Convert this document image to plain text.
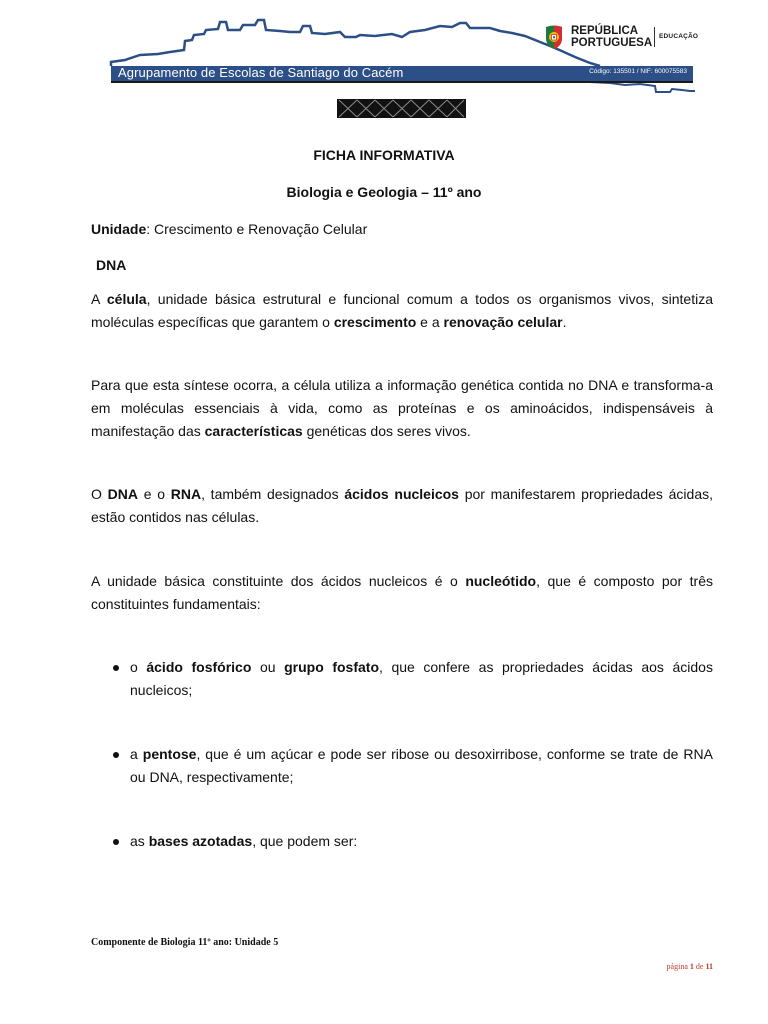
Agrupamento de Escolas de Santiago do Cacém	Código: 135501 / NIF: 600075583
REPÚBLICA
PORTUGUESA EDUCAÇÃO
FICHA INFORMATIVA
Biologia e Geologia – 11º ano
Unidade: Crescimento e Renovação Celular
DNA
A célula, unidade básica estrutural e funcional comum a todos os organismos vivos, sintetiza moléculas específicas que garantem o crescimento e a renovação celular.
Para que esta síntese ocorra, a célula utiliza a informação genética contida no DNA e transforma-a em moléculas essenciais à vida, como as proteínas e os aminoácidos, indispensáveis à manifestação das características genéticas dos seres vivos.
O DNA e o RNA, também designados ácidos nucleicos por manifestarem propriedades ácidas, estão contidos nas células.
A unidade básica constituinte dos ácidos nucleicos é o nucleótido, que é composto por três constituintes fundamentais:
o ácido fosfórico ou grupo fosfato, que confere as propriedades ácidas aos ácidos nucleicos;
a pentose, que é um açúcar e pode ser ribose ou desoxirribose, conforme se trate de RNA ou DNA, respectivamente;
as bases azotadas, que podem ser:
Componente de Biologia 11º ano: Unidade 5
página 1 de 11
